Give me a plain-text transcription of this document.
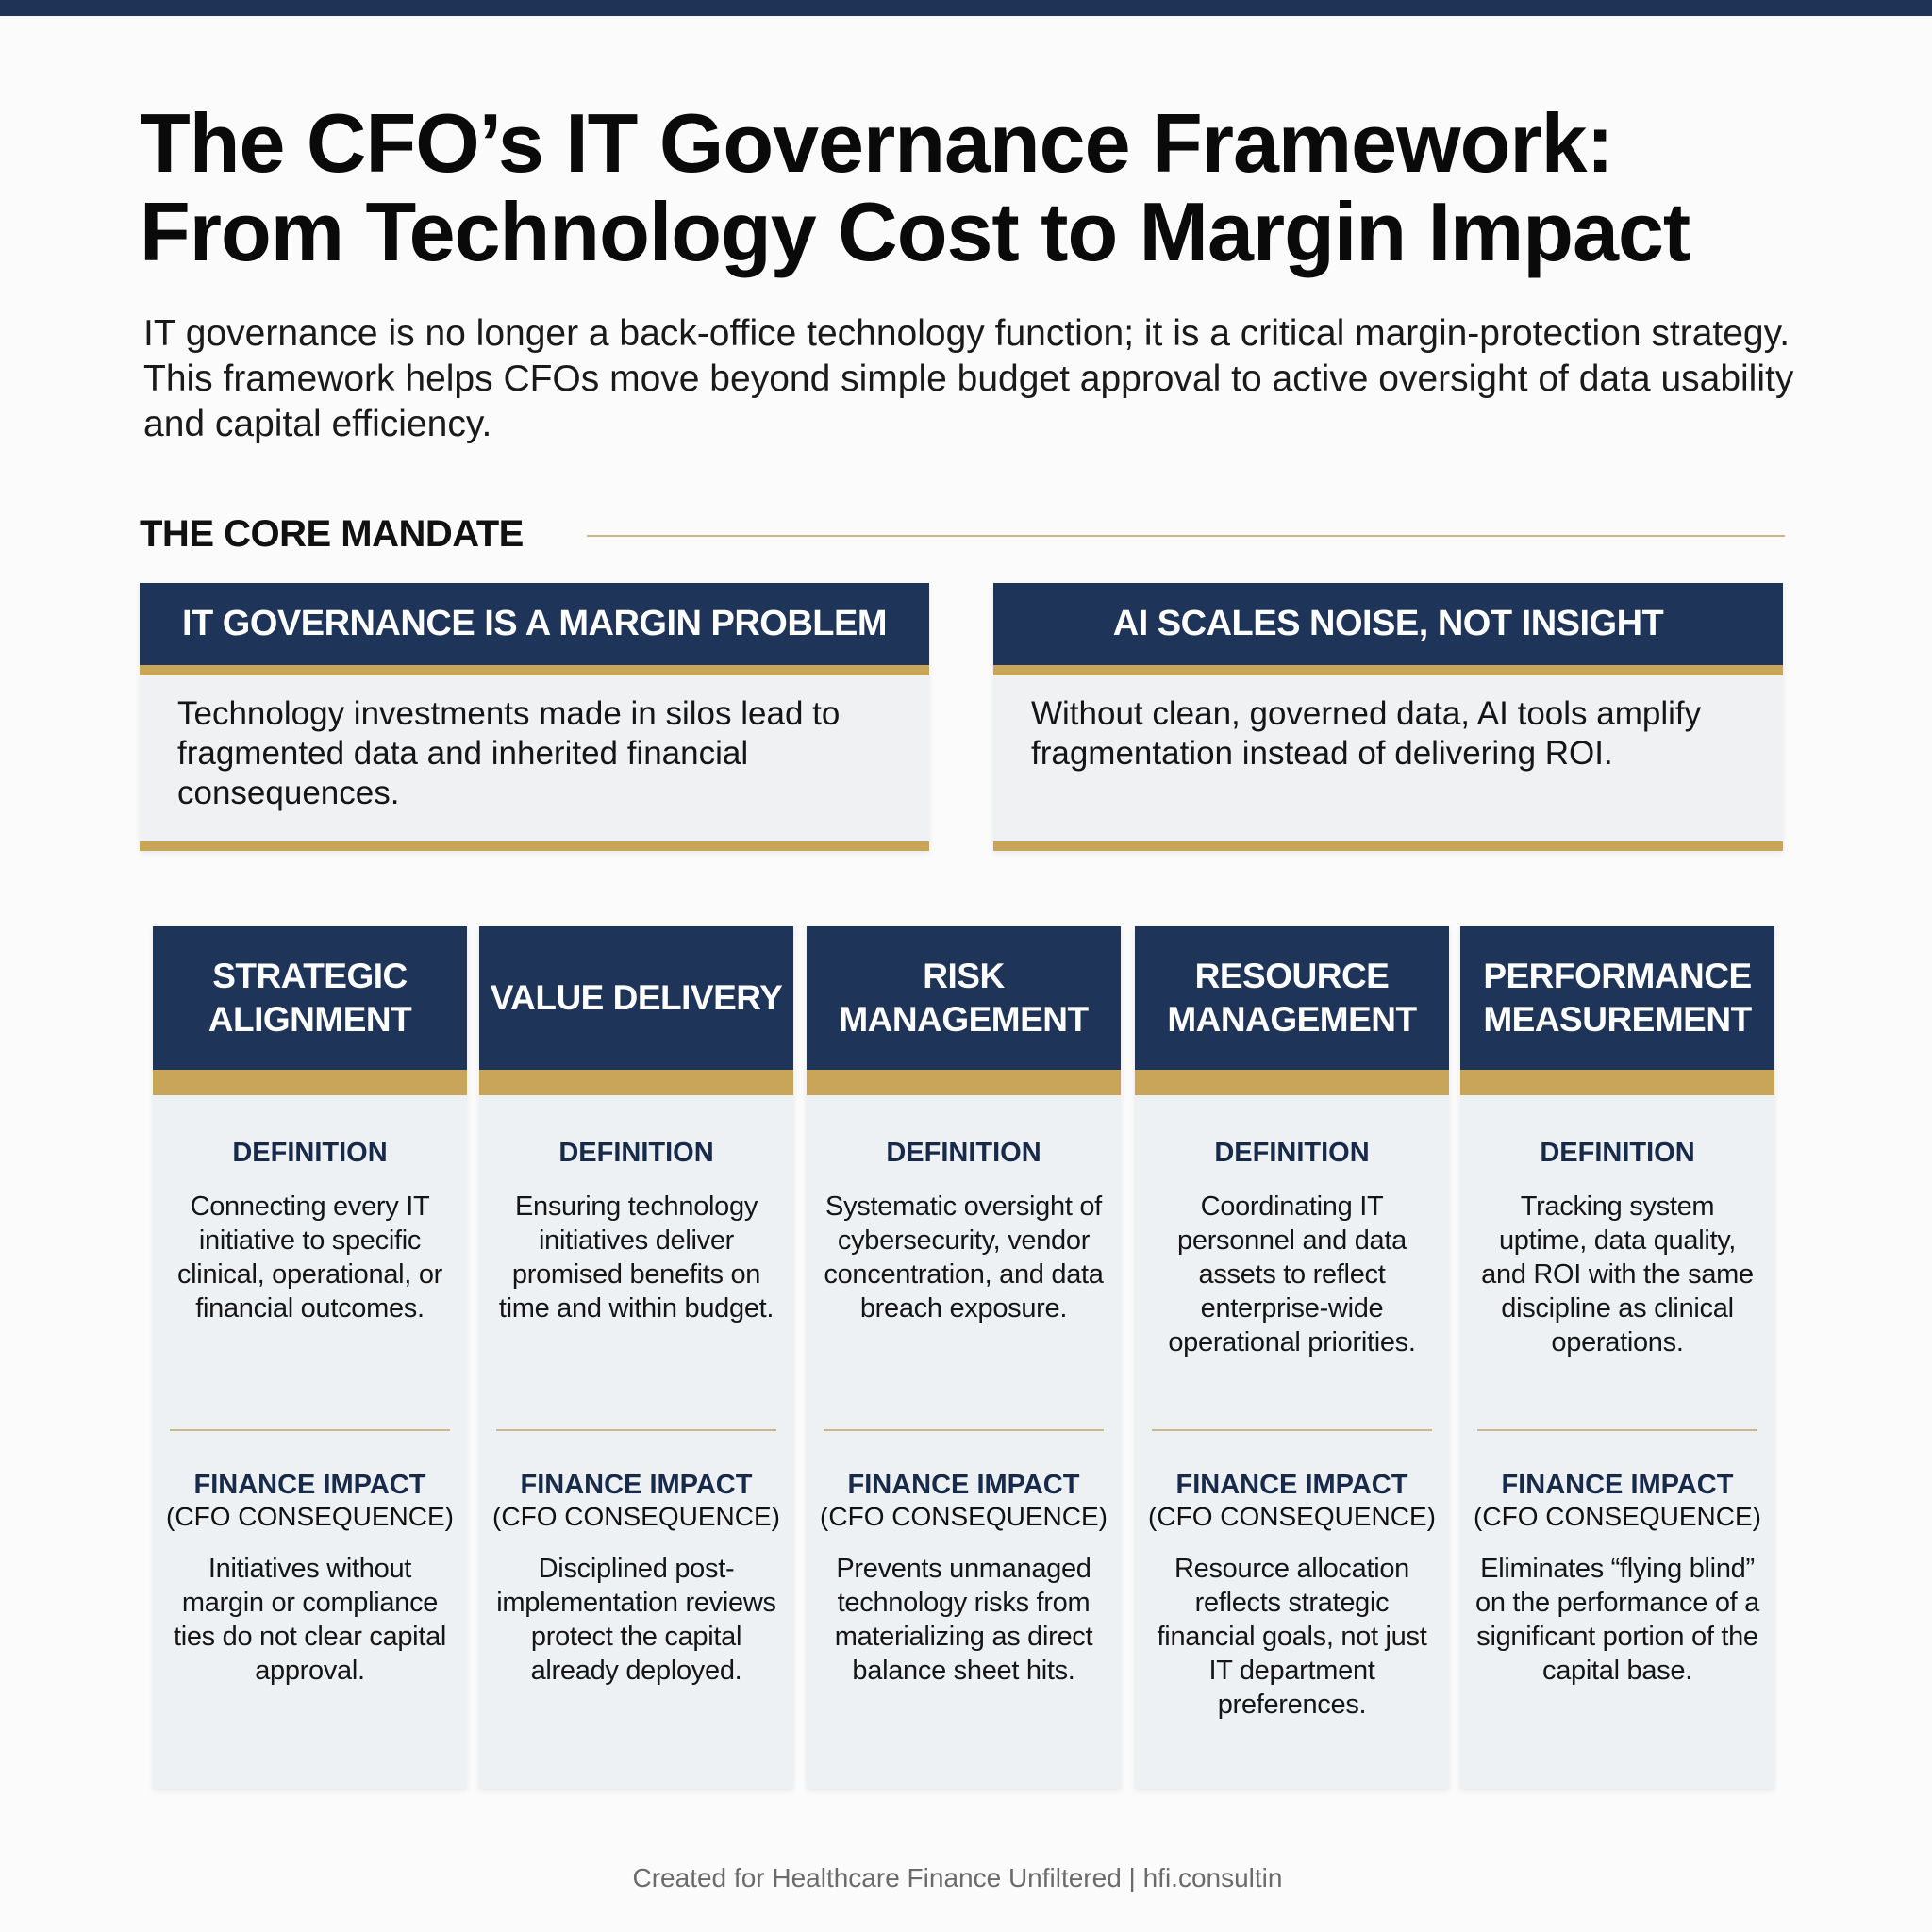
The CFO’s IT Governance Framework:
From Technology Cost to Margin Impact

IT governance is no longer a back-office technology function; it is a critical margin-protection strategy. This framework helps CFOs move beyond simple budget approval to active oversight of data usability and capital efficiency.

THE CORE MANDATE
IT GOVERNANCE IS A MARGIN PROBLEM
Technology investments made in silos lead to fragmented data and inherited financial consequences.
AI SCALES NOISE, NOT INSIGHT
Without clean, governed data, AI tools amplify fragmentation instead of delivering ROI.
STRATEGIC ALIGNMENT
DEFINITION
Connecting every IT initiative to specific clinical, operational, or financial outcomes.
FINANCE IMPACT
(CFO CONSEQUENCE)
Initiatives without margin or compliance ties do not clear capital approval.
VALUE DELIVERY
DEFINITION
Ensuring technology initiatives deliver promised benefits on time and within budget.
FINANCE IMPACT
(CFO CONSEQUENCE)
Disciplined post-implementation reviews protect the capital already deployed.
RISK MANAGEMENT
DEFINITION
Systematic oversight of cybersecurity, vendor concentration, and data breach exposure.
FINANCE IMPACT
(CFO CONSEQUENCE)
Prevents unmanaged technology risks from materializing as direct balance sheet hits.
RESOURCE MANAGEMENT
DEFINITION
Coordinating IT personnel and data assets to reflect enterprise-wide operational priorities.
FINANCE IMPACT
(CFO CONSEQUENCE)
Resource allocation reflects strategic financial goals, not just IT department preferences.
PERFORMANCE MEASUREMENT
DEFINITION
Tracking system uptime, data quality, and ROI with the same discipline as clinical operations.
FINANCE IMPACT
(CFO CONSEQUENCE)
Eliminates “flying blind” on the performance of a significant portion of the capital base.
Created for Healthcare Finance Unfiltered | hfi.consultin
